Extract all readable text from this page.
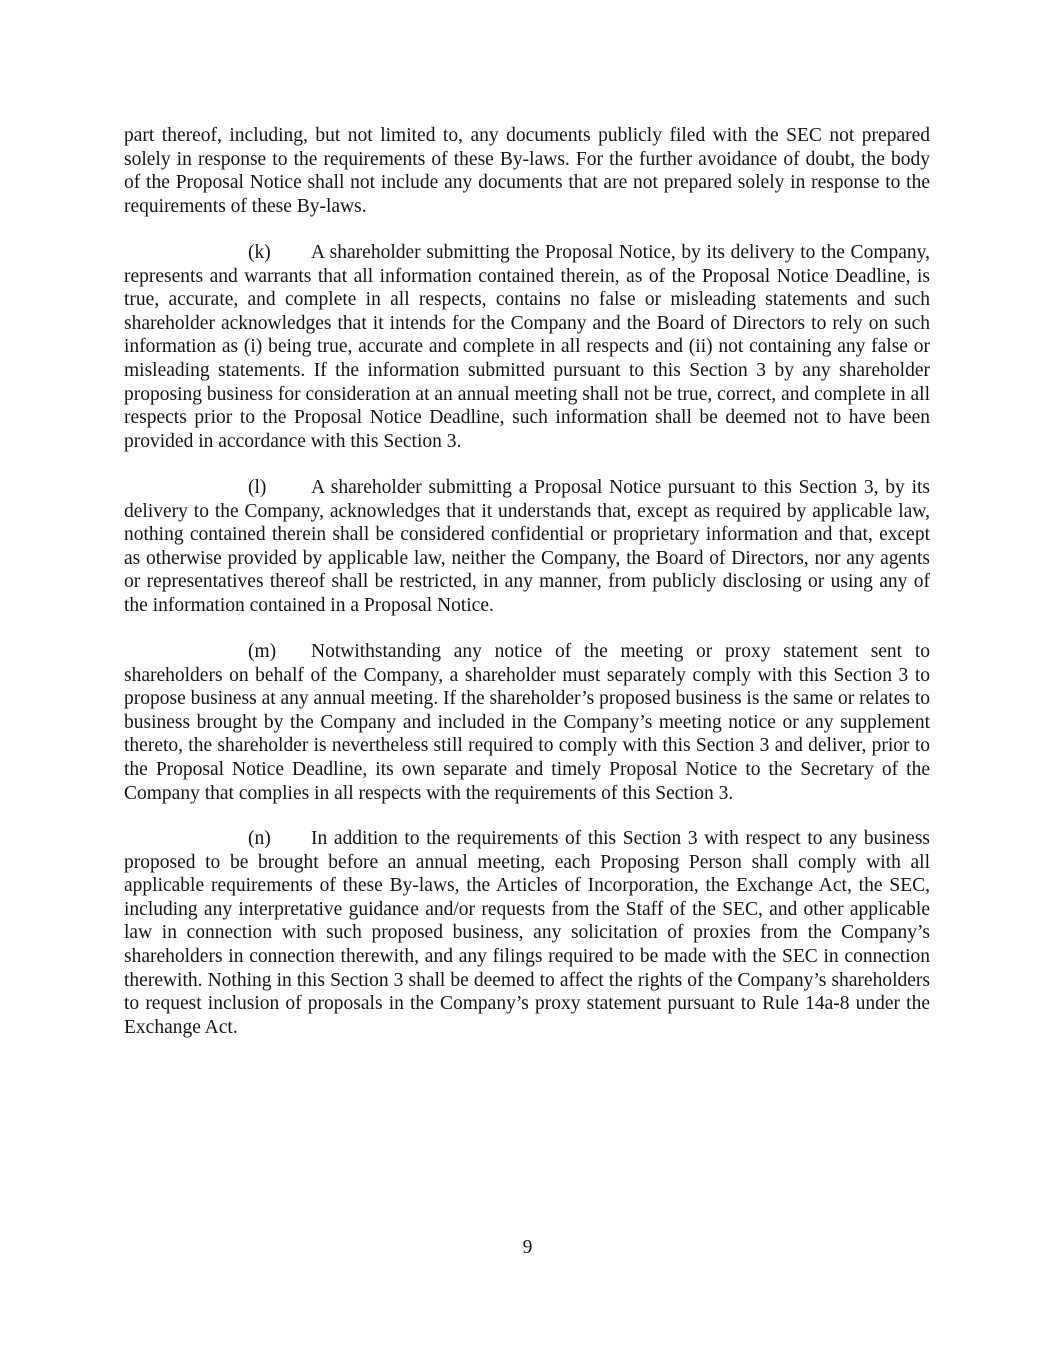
part thereof, including, but not limited to, any documents publicly filed with the SEC not prepared solely in response to the requirements of these By-laws. For the further avoidance of doubt, the body of the Proposal Notice shall not include any documents that are not prepared solely in response to the requirements of these By-laws.

(k) A shareholder submitting the Proposal Notice, by its delivery to the Company, represents and warrants that all information contained therein, as of the Proposal Notice Deadline, is true, accurate, and complete in all respects, contains no false or misleading statements and such shareholder acknowledges that it intends for the Company and the Board of Directors to rely on such information as (i) being true, accurate and complete in all respects and (ii) not containing any false or misleading statements. If the information submitted pursuant to this Section 3 by any shareholder proposing business for consideration at an annual meeting shall not be true, correct, and complete in all respects prior to the Proposal Notice Deadline, such information shall be deemed not to have been provided in accordance with this Section 3.

(l) A shareholder submitting a Proposal Notice pursuant to this Section 3, by its delivery to the Company, acknowledges that it understands that, except as required by applicable law, nothing contained therein shall be considered confidential or proprietary information and that, except as otherwise provided by applicable law, neither the Company, the Board of Directors, nor any agents or representatives thereof shall be restricted, in any manner, from publicly disclosing or using any of the information contained in a Proposal Notice.

(m) Notwithstanding any notice of the meeting or proxy statement sent to shareholders on behalf of the Company, a shareholder must separately comply with this Section 3 to propose business at any annual meeting. If the shareholder’s proposed business is the same or relates to business brought by the Company and included in the Company’s meeting notice or any supplement thereto, the shareholder is nevertheless still required to comply with this Section 3 and deliver, prior to the Proposal Notice Deadline, its own separate and timely Proposal Notice to the Secretary of the Company that complies in all respects with the requirements of this Section 3.

(n) In addition to the requirements of this Section 3 with respect to any business proposed to be brought before an annual meeting, each Proposing Person shall comply with all applicable requirements of these By-laws, the Articles of Incorporation, the Exchange Act, the SEC, including any interpretative guidance and/or requests from the Staff of the SEC, and other applicable law in connection with such proposed business, any solicitation of proxies from the Company’s shareholders in connection therewith, and any filings required to be made with the SEC in connection therewith. Nothing in this Section 3 shall be deemed to affect the rights of the Company’s shareholders to request inclusion of proposals in the Company’s proxy statement pursuant to Rule 14a-8 under the Exchange Act.

9
